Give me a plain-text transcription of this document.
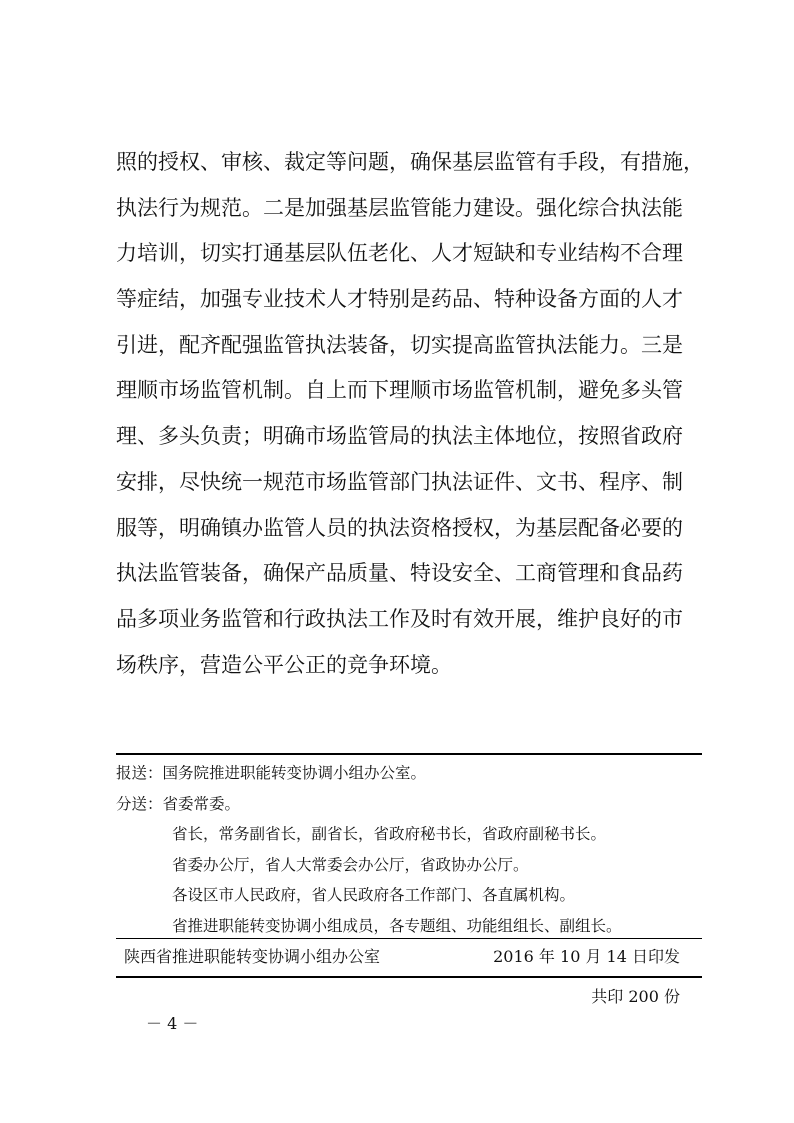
照的授权、审核、裁定等问题，确保基层监管有手段，有措施，
执法行为规范。二是加强基层监管能力建设。强化综合执法能
力培训，切实打通基层队伍老化、人才短缺和专业结构不合理
等症结，加强专业技术人才特别是药品、特种设备方面的人才
引进，配齐配强监管执法装备，切实提高监管执法能力。三是
理顺市场监管机制。自上而下理顺市场监管机制，避免多头管
理、多头负责；明确市场监管局的执法主体地位，按照省政府
安排，尽快统一规范市场监管部门执法证件、文书、程序、制
服等，明确镇办监管人员的执法资格授权，为基层配备必要的
执法监管装备，确保产品质量、特设安全、工商管理和食品药
品多项业务监管和行政执法工作及时有效开展，维护良好的市
场秩序，营造公平公正的竞争环境。
报送：国务院推进职能转变协调小组办公室。
分送：省委常委。
省长，常务副省长，副省长，省政府秘书长，省政府副秘书长。
省委办公厅，省人大常委会办公厅，省政协办公厅。
各设区市人民政府，省人民政府各工作部门、各直属机构。
省推进职能转变协调小组成员，各专题组、功能组组长、副组长。
陕西省推进职能转变协调小组办公室	2016 年 10 月 14 日印发
共印 200 份
－ 4 －
